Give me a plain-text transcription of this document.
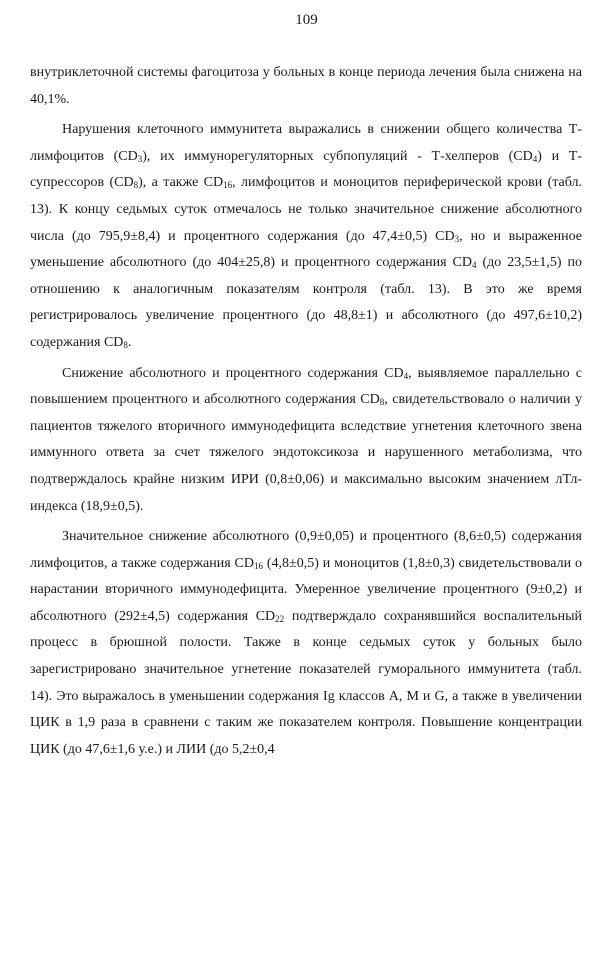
109

внутриклеточной системы фагоцитоза у больных в конце периода лечения была снижена на 40,1%.

Нарушения клеточного иммунитета выражались в снижении общего количества Т-лимфоцитов $(CD_3)$, их иммунорегуляторных субпопуляций - Т-хелперов $(CD_4)$ и Т-супрессоров $(CD_8)$, а также $CD_{16}$, лимфоцитов и моноцитов периферической крови (табл. 13). К концу седьмых суток отмечалось не только значительное снижение абсолютного числа (до 795,9±8,4) и процентного содержания (до 47,4±0,5) $CD_3$, но и выраженное уменьшение абсолютного (до 404±25,8) и процентного содержания $CD_4$ (до 23,5±1,5) по отношению к аналогичным показателям контроля (табл. 13). В это же время регистрировалось увеличение процентного (до 48,8±1) и абсолютного (до 497,6±10,2) содержания $CD_8$.

Снижение абсолютного и процентного содержания $CD_4$, выявляемое параллельно с повышением процентного и абсолютного содержания $CD_8$, свидетельствовало о наличии у пациентов тяжелого вторичного иммунодефицита вследствие угнетения клеточного звена иммунного ответа за счет тяжелого эндотоксикоза и нарушенного метаболизма, что подтверждалось крайне низким ИРИ (0,8±0,06) и максимально высоким значением лТл-индекса (18,9±0,5).

Значительное снижение абсолютного (0,9±0,05) и процентного (8,6±0,5) содержания лимфоцитов, а также содержания $CD_{16}$ (4,8±0,5) и моноцитов (1,8±0,3) свидетельствовали о нарастании вторичного иммунодефицита. Умеренное увеличение процентного (9±0,2) и абсолютного (292±4,5) содержания $CD_{22}$ подтверждало сохранявшийся воспалительный процесс в брюшной полости. Также в конце седьмых суток у больных было зарегистрировано значительное угнетение показателей гуморального иммунитета (табл. 14). Это выражалось в уменьшении содержания Ig классов A, M и G, а также в увеличении ЦИК в 1,9 раза в сравнени с таким же показателем контроля. Повышение концентрации ЦИК (до 47,6±1,6 у.е.) и ЛИИ (до 5,2±0,4
